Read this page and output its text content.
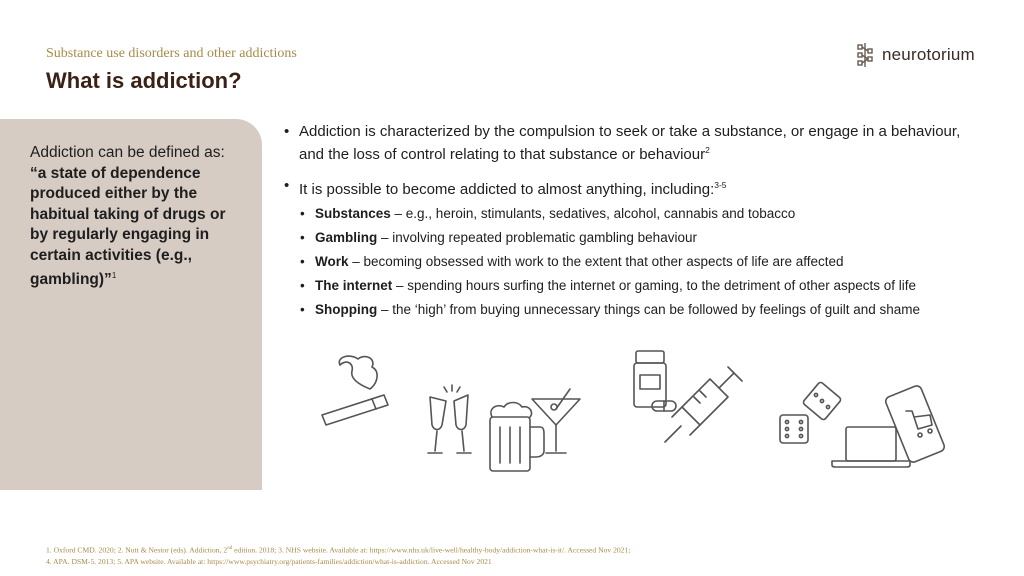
Substance use disorders and other addictions
What is addiction?
neurotorium
Addiction can be defined as: “a state of dependence produced either by the habitual taking of drugs or by regularly engaging in certain activities (e.g., gambling)”$^1$
• Addiction is characterized by the compulsion to seek or take a substance, or engage in a behaviour, and the loss of control relating to that substance or behaviour$^2$
• It is possible to become addicted to almost anything, including:$^{3-5}$
• Substances – e.g., heroin, stimulants, sedatives, alcohol, cannabis and tobacco
• Gambling – involving repeated problematic gambling behaviour
• Work – becoming obsessed with work to the extent that other aspects of life are affected
• The internet – spending hours surfing the internet or gaming, to the detriment of other aspects of life
• Shopping – the ‘high’ from buying unnecessary things can be followed by feelings of guilt and shame
1. Oxford CMD. 2020; 2. Nutt & Nestor (eds). Addiction, 2nd edition. 2018; 3. NHS website. Available at: https://www.nhs.uk/live-well/healthy-body/addiction-what-is-it/. Accessed Nov 2021;
4. APA. DSM-5. 2013; 5. APA website. Available at: https://www.psychiatry.org/patients-families/addiction/what-is-addiction. Accessed Nov 2021
